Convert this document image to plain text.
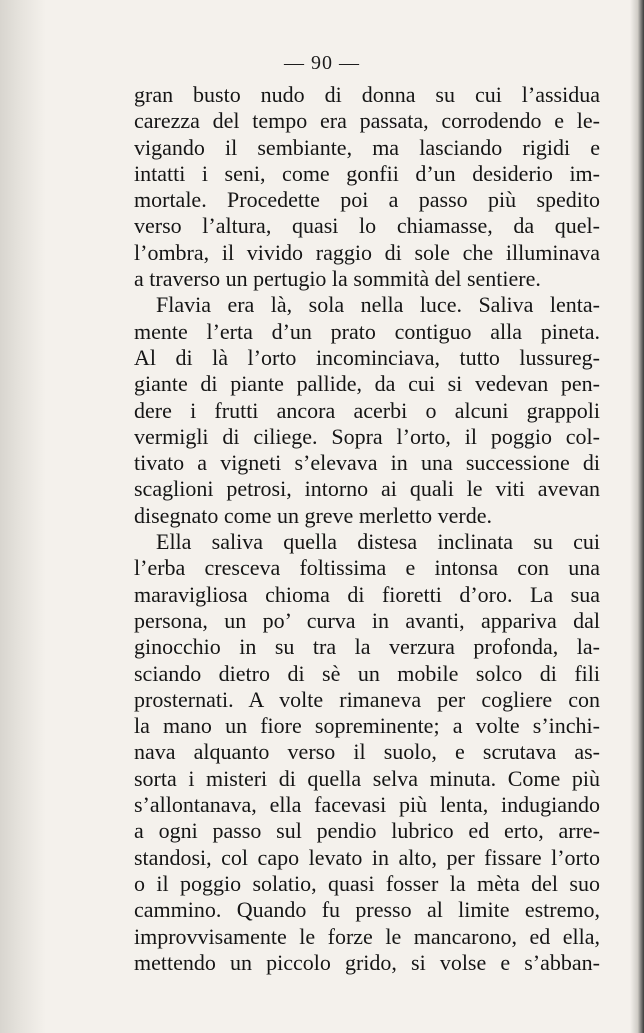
— 90 —
gran busto nudo di donna su cui l’assidua
carezza del tempo era passata, corrodendo e le-
vigando il sembiante, ma lasciando rigidi e
intatti i seni, come gonfii d’un desiderio im-
mortale. Procedette poi a passo più spedito
verso l’altura, quasi lo chiamasse, da quel-
l’ombra, il vivido raggio di sole che illuminava
a traverso un pertugio la sommità del sentiere.
Flavia era là, sola nella luce. Saliva lenta-
mente l’erta d’un prato contiguo alla pineta.
Al di là l’orto incominciava, tutto lussureg-
giante di piante pallide, da cui si vedevan pen-
dere i frutti ancora acerbi o alcuni grappoli
vermigli di ciliege. Sopra l’orto, il poggio col-
tivato a vigneti s’elevava in una successione di
scaglioni petrosi, intorno ai quali le viti avevan
disegnato come un greve merletto verde.
Ella saliva quella distesa inclinata su cui
l’erba cresceva foltissima e intonsa con una
maravigliosa chioma di fioretti d’oro. La sua
persona, un po’ curva in avanti, appariva dal
ginocchio in su tra la verzura profonda, la-
sciando dietro di sè un mobile solco di fili
prosternati. A volte rimaneva per cogliere con
la mano un fiore sopreminente; a volte s’inchi-
nava alquanto verso il suolo, e scrutava as-
sorta i misteri di quella selva minuta. Come più
s’allontanava, ella facevasi più lenta, indugiando
a ogni passo sul pendio lubrico ed erto, arre-
standosi, col capo levato in alto, per fissare l’orto
o il poggio solatio, quasi fosser la mèta del suo
cammino. Quando fu presso al limite estremo,
improvvisamente le forze le mancarono, ed ella,
mettendo un piccolo grido, si volse e s’abban-
